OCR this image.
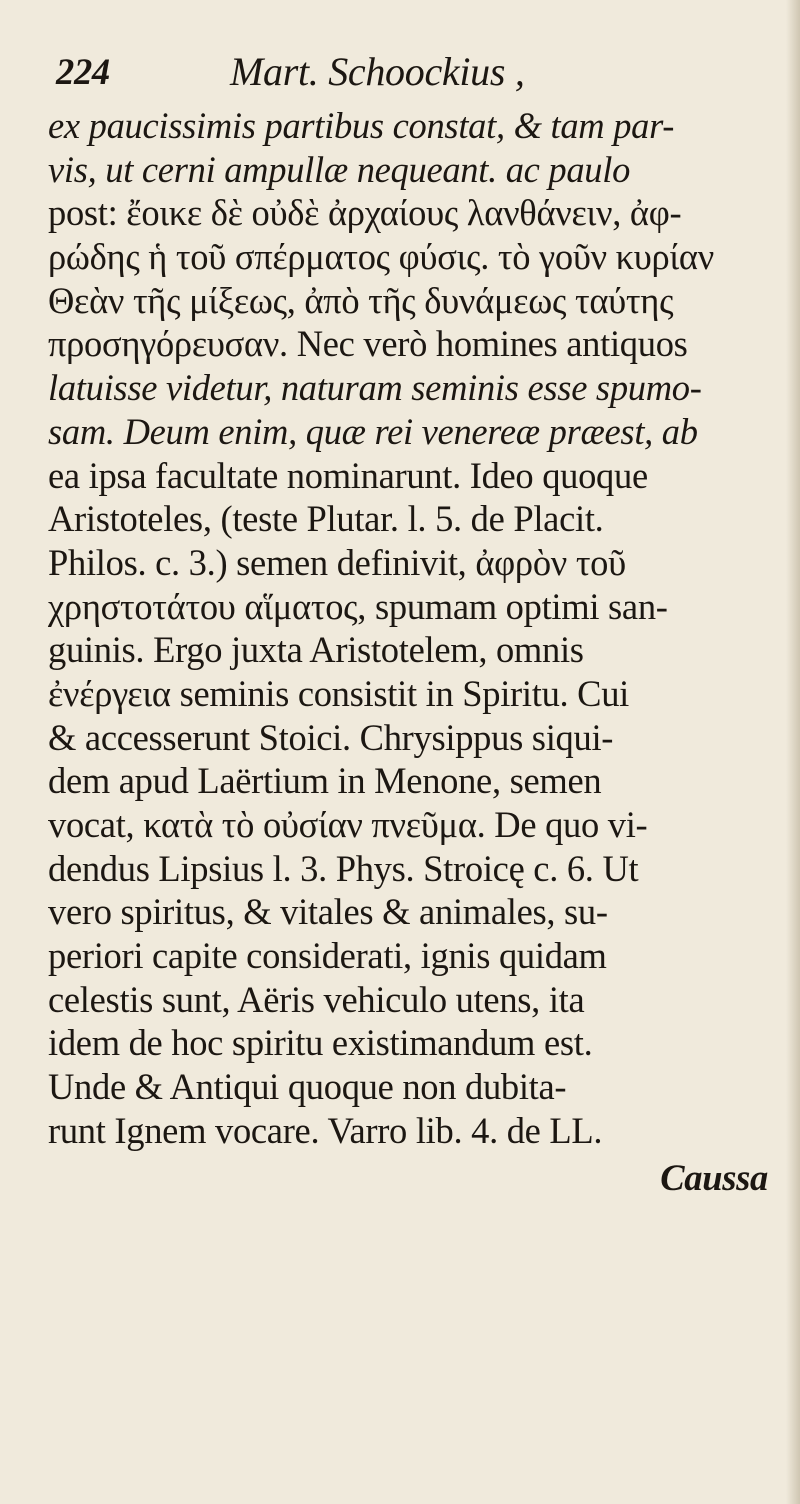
224	Mart. Schoockius ,
ex paucissimis partibus constat, & tam par-
vis, ut cerni ampullæ nequeant. ac paulo
post: ἔοικε δὲ οὐδὲ ἀρχαίους λανθάνειν, ἀφ-
ρώδης ἡ τοῦ σπέρματος φύσις. τὸ γοῦν κυρίαν
Θεὰν τῆς μίξεως, ἀπὸ τῆς δυνάμεως ταύτης
προσηγόρευσαν. Nec verò homines antiquos
latuisse videtur, naturam seminis esse spumo-
sam. Deum enim, quæ rei venereæ præest, ab
ea ipsa facultate nominarunt. Ideo quoque
Aristoteles, (teste Plutar. l. 5. de Placit.
Philos. c. 3.) semen definivit, ἀφρὸν τοῦ
χρηστοτάτου αἵματος, spumam optimi san-
guinis. Ergo juxta Aristotelem, omnis
ἐνέργεια seminis consistit in Spiritu. Cui
& accesserunt Stoici. Chrysippus siqui-
dem apud Laërtium in Menone, semen
vocat, κατὰ τὸ οὐσίαν πνεῦμα. De quo vi-
dendus Lipsius l. 3. Phys. Stroicę c. 6. Ut
vero spiritus, & vitales & animales, su-
periori capite considerati, ignis quidam
celestis sunt, Aëris vehiculo utens, ita
idem de hoc spiritu existimandum est.
Unde & Antiqui quoque non dubita-
runt Ignem vocare. Varro lib. 4. de LL.
Caussa
